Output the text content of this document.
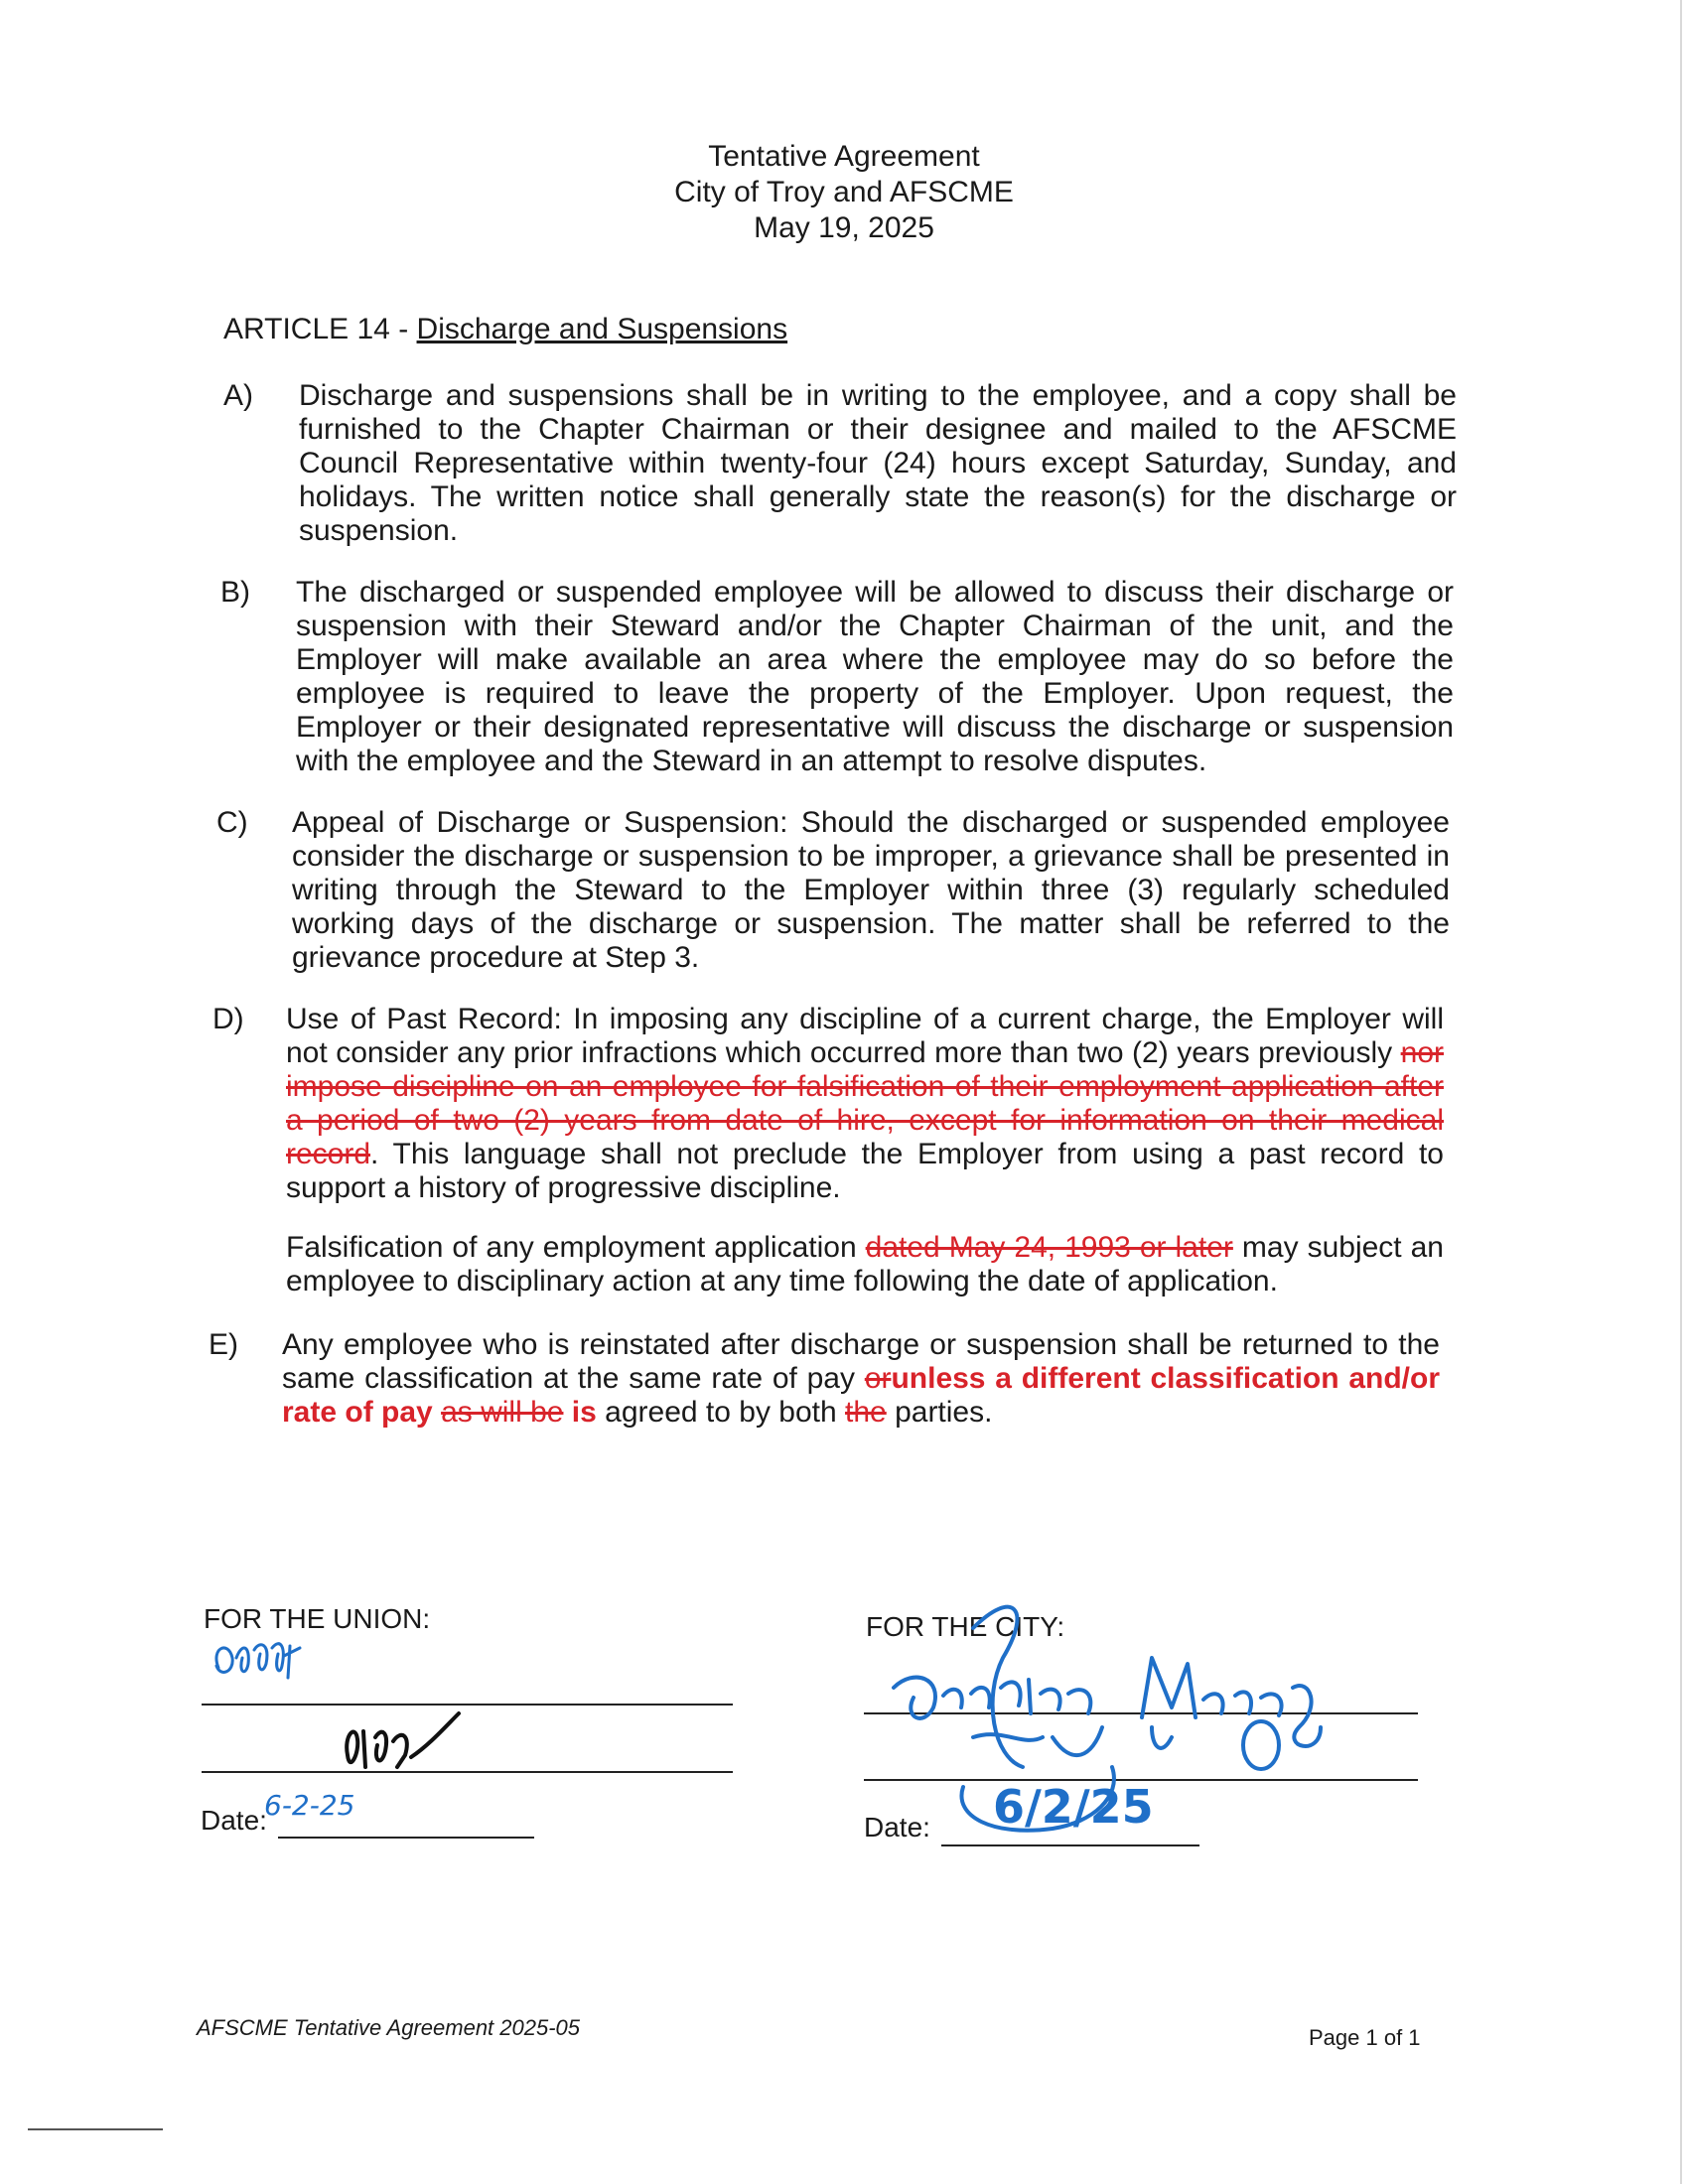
Tentative Agreement
City of Troy and AFSCME
May 19, 2025
ARTICLE 14 - Discharge and Suspensions
A) Discharge and suspensions shall be in writing to the employee, and a copy shall be furnished to the Chapter Chairman or their designee and mailed to the AFSCME Council Representative within twenty-four (24) hours except Saturday, Sunday, and holidays. The written notice shall generally state the reason(s) for the discharge or suspension.
B) The discharged or suspended employee will be allowed to discuss their discharge or suspension with their Steward and/or the Chapter Chairman of the unit, and the Employer will make available an area where the employee may do so before the employee is required to leave the property of the Employer. Upon request, the Employer or their designated representative will discuss the discharge or suspension with the employee and the Steward in an attempt to resolve disputes.
C) Appeal of Discharge or Suspension: Should the discharged or suspended employee consider the discharge or suspension to be improper, a grievance shall be presented in writing through the Steward to the Employer within three (3) regularly scheduled working days of the discharge or suspension. The matter shall be referred to the grievance procedure at Step 3.
D) Use of Past Record: In imposing any discipline of a current charge, the Employer will not consider any prior infractions which occurred more than two (2) years previously nor impose discipline on an employee for falsification of their employment application after a period of two (2) years from date of hire, except for information on their medical record. This language shall not preclude the Employer from using a past record to support a history of progressive discipline.
Falsification of any employment application dated May 24, 1993 or later may subject an employee to disciplinary action at any time following the date of application.
E) Any employee who is reinstated after discharge or suspension shall be returned to the same classification at the same rate of pay orunless a different classification and/or rate of pay as will be is agreed to by both the parties.
FOR THE UNION:
Date:
FOR THE CITY:
Date:
6-2-25	6/2/25
AFSCME Tentative Agreement 2025-05	Page 1 of 1
